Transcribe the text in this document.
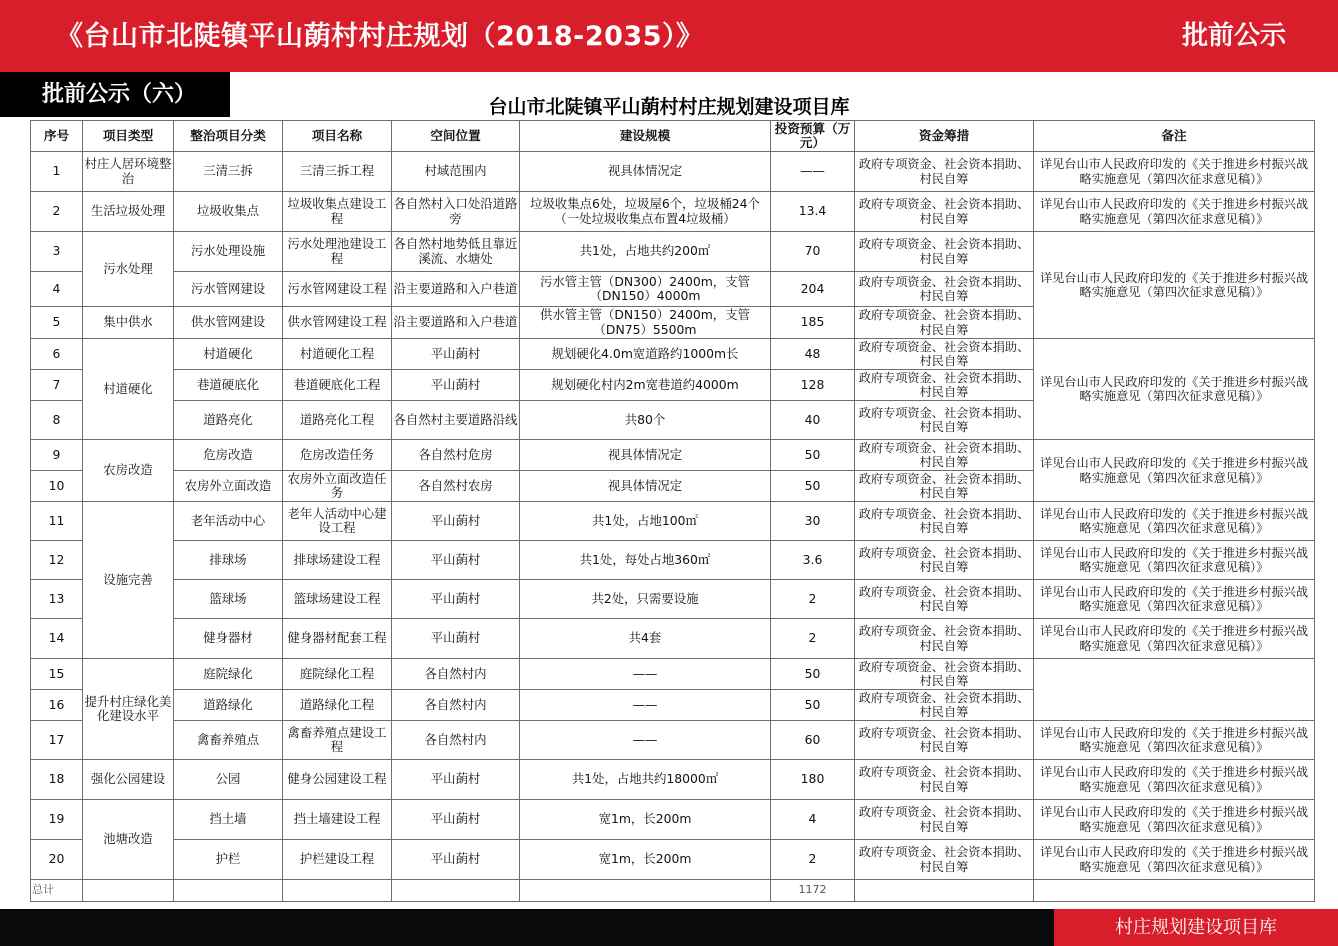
《台山市北陡镇平山蓢村村庄规划（2018-2035）》	批前公示
批前公示（六）	台山市北陡镇平山蓢村村庄规划建设项目库
序号	项目类型	整治项目分类	项目名称	空间位置	建设规模	投资预算（万元）	资金筹措	备注
1	村庄人居环境整治	三清三拆	三清三拆工程	村域范围内	视具体情况定	——	政府专项资金、社会资本捐助、村民自筹	详见台山市人民政府印发的《关于推进乡村振兴战略实施意见（第四次征求意见稿）》
2	生活垃圾处理	垃圾收集点	垃圾收集点建设工程	各自然村入口处沿道路旁	垃圾收集点6处，垃圾屋6个，垃圾桶24个（一处垃圾收集点布置4垃圾桶）	13.4	政府专项资金、社会资本捐助、村民自筹	详见台山市人民政府印发的《关于推进乡村振兴战略实施意见（第四次征求意见稿）》
3	污水处理	污水处理设施	污水处理池建设工程	各自然村地势低且靠近溪流、水塘处	共1处，占地共约200㎡	70	政府专项资金、社会资本捐助、村民自筹	详见台山市人民政府印发的《关于推进乡村振兴战略实施意见（第四次征求意见稿）》
4		污水管网建设	污水管网建设工程	沿主要道路和入户巷道	污水管主管（DN300）2400m，支管（DN150）4000m	204	政府专项资金、社会资本捐助、村民自筹	
5	集中供水	供水管网建设	供水管网建设工程	沿主要道路和入户巷道	供水管主管（DN150）2400m，支管（DN75）5500m	185	政府专项资金、社会资本捐助、村民自筹	
6	村道硬化	村道硬化	村道硬化工程	平山蓢村	规划硬化4.0m宽道路约1000m长	48	政府专项资金、社会资本捐助、村民自筹	详见台山市人民政府印发的《关于推进乡村振兴战略实施意见（第四次征求意见稿）》
7		巷道硬底化	巷道硬底化工程	平山蓢村	规划硬化村内2m宽巷道约4000m	128	政府专项资金、社会资本捐助、村民自筹	
8		道路亮化	道路亮化工程	各自然村主要道路沿线	共80个	40	政府专项资金、社会资本捐助、村民自筹	
9	农房改造	危房改造	危房改造任务	各自然村危房	视具体情况定	50	政府专项资金、社会资本捐助、村民自筹	详见台山市人民政府印发的《关于推进乡村振兴战略实施意见（第四次征求意见稿）》
10		农房外立面改造	农房外立面改造任务	各自然村农房	视具体情况定	50	政府专项资金、社会资本捐助、村民自筹	
11	设施完善	老年活动中心	老年人活动中心建设工程	平山蓢村	共1处，占地100㎡	30	政府专项资金、社会资本捐助、村民自筹	详见台山市人民政府印发的《关于推进乡村振兴战略实施意见（第四次征求意见稿）》
12		排球场	排球场建设工程	平山蓢村	共1处，每处占地360㎡	3.6	政府专项资金、社会资本捐助、村民自筹	详见台山市人民政府印发的《关于推进乡村振兴战略实施意见（第四次征求意见稿）》
13		篮球场	篮球场建设工程	平山蓢村	共2处，只需要设施	2	政府专项资金、社会资本捐助、村民自筹	详见台山市人民政府印发的《关于推进乡村振兴战略实施意见（第四次征求意见稿）》
14		健身器材	健身器材配套工程	平山蓢村	共4套	2	政府专项资金、社会资本捐助、村民自筹	详见台山市人民政府印发的《关于推进乡村振兴战略实施意见（第四次征求意见稿）》
15	提升村庄绿化美化建设水平	庭院绿化	庭院绿化工程	各自然村内	——	50	政府专项资金、社会资本捐助、村民自筹	
16		道路绿化	道路绿化工程	各自然村内	——	50	政府专项资金、社会资本捐助、村民自筹	
17		禽畜养殖点	禽畜养殖点建设工程	各自然村内	——	60	政府专项资金、社会资本捐助、村民自筹	详见台山市人民政府印发的《关于推进乡村振兴战略实施意见（第四次征求意见稿）》
18	强化公园建设	公园	健身公园建设工程	平山蓢村	共1处，占地共约18000㎡	180	政府专项资金、社会资本捐助、村民自筹	详见台山市人民政府印发的《关于推进乡村振兴战略实施意见（第四次征求意见稿）》
19	池塘改造	挡土墙	挡土墙建设工程	平山蓢村	宽1m，长200m	4	政府专项资金、社会资本捐助、村民自筹	详见台山市人民政府印发的《关于推进乡村振兴战略实施意见（第四次征求意见稿）》
20		护栏	护栏建设工程	平山蓢村	宽1m，长200m	2	政府专项资金、社会资本捐助、村民自筹	详见台山市人民政府印发的《关于推进乡村振兴战略实施意见（第四次征求意见稿）》
总计						1172		
村庄规划建设项目库
